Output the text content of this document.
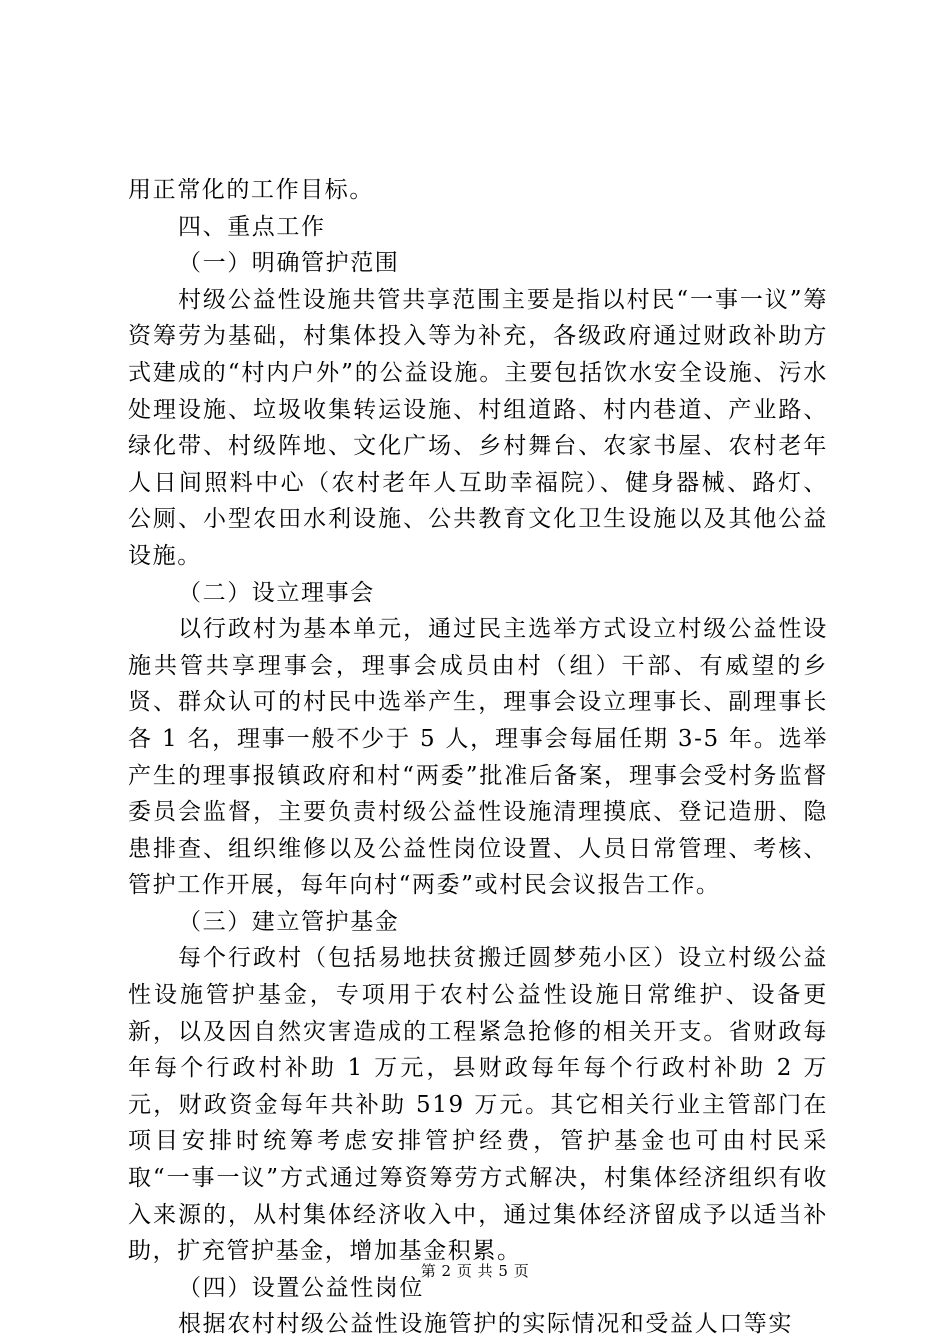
用正常化的工作目标。

四、重点工作

（一）明确管护范围

村级公益性设施共管共享范围主要是指以村民“一事一议”筹资筹劳为基础，村集体投入等为补充，各级政府通过财政补助方式建成的“村内户外”的公益设施。主要包括饮水安全设施、污水处理设施、垃圾收集转运设施、村组道路、村内巷道、产业路、绿化带、村级阵地、文化广场、乡村舞台、农家书屋、农村老年人日间照料中心（农村老年人互助幸福院）、健身器械、路灯、公厕、小型农田水利设施、公共教育文化卫生设施以及其他公益设施。

（二）设立理事会

以行政村为基本单元，通过民主选举方式设立村级公益性设施共管共享理事会，理事会成员由村（组）干部、有威望的乡贤、群众认可的村民中选举产生，理事会设立理事长、副理事长各 1 名，理事一般不少于 5 人，理事会每届任期 3-5 年。选举产生的理事报镇政府和村“两委”批准后备案，理事会受村务监督委员会监督，主要负责村级公益性设施清理摸底、登记造册、隐患排查、组织维修以及公益性岗位设置、人员日常管理、考核、管护工作开展，每年向村“两委”或村民会议报告工作。

（三）建立管护基金

每个行政村（包括易地扶贫搬迁圆梦苑小区）设立村级公益性设施管护基金，专项用于农村公益性设施日常维护、设备更新，以及因自然灾害造成的工程紧急抢修的相关开支。省财政每年每个行政村补助 1 万元，县财政每年每个行政村补助 2 万元，财政资金每年共补助 519 万元。其它相关行业主管部门在项目安排时统筹考虑安排管护经费，管护基金也可由村民采取“一事一议”方式通过筹资筹劳方式解决，村集体经济组织有收入来源的，从村集体经济收入中，通过集体经济留成予以适当补助，扩充管护基金，增加基金积累。

（四）设置公益性岗位

根据农村村级公益性设施管护的实际情况和受益人口等实

第 2 页 共 5 页
